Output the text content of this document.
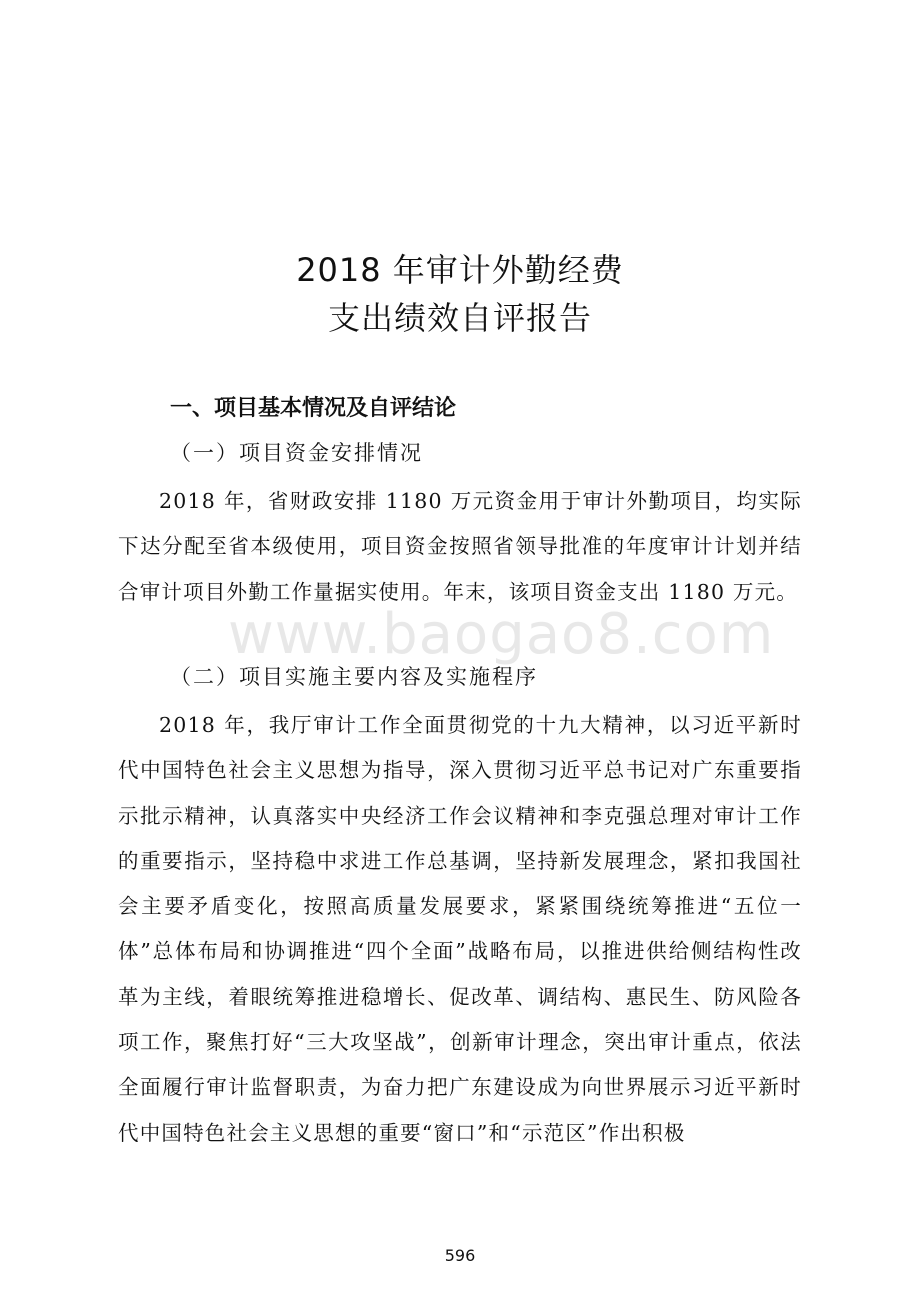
2018 年审计外勤经费
支出绩效自评报告
一、项目基本情况及自评结论
（一）项目资金安排情况

2018 年，省财政安排 1180 万元资金用于审计外勤项目，均实际下达分配至省本级使用，项目资金按照省领导批准的年度审计计划并结合审计项目外勤工作量据实使用。年末，该项目资金支出 1180 万元。

（二）项目实施主要内容及实施程序

2018 年，我厅审计工作全面贯彻党的十九大精神，以习近平新时代中国特色社会主义思想为指导，深入贯彻习近平总书记对广东重要指示批示精神，认真落实中央经济工作会议精神和李克强总理对审计工作的重要指示，坚持稳中求进工作总基调，坚持新发展理念，紧扣我国社会主要矛盾变化，按照高质量发展要求，紧紧围绕统筹推进“五位一体”总体布局和协调推进“四个全面”战略布局，以推进供给侧结构性改革为主线，着眼统筹推进稳增长、促改革、调结构、惠民生、防风险各项工作，聚焦打好“三大攻坚战”，创新审计理念，突出审计重点，依法全面履行审计监督职责，为奋力把广东建设成为向世界展示习近平新时代中国特色社会主义思想的重要“窗口”和“示范区”作出积极

www.baogao8.com
596
